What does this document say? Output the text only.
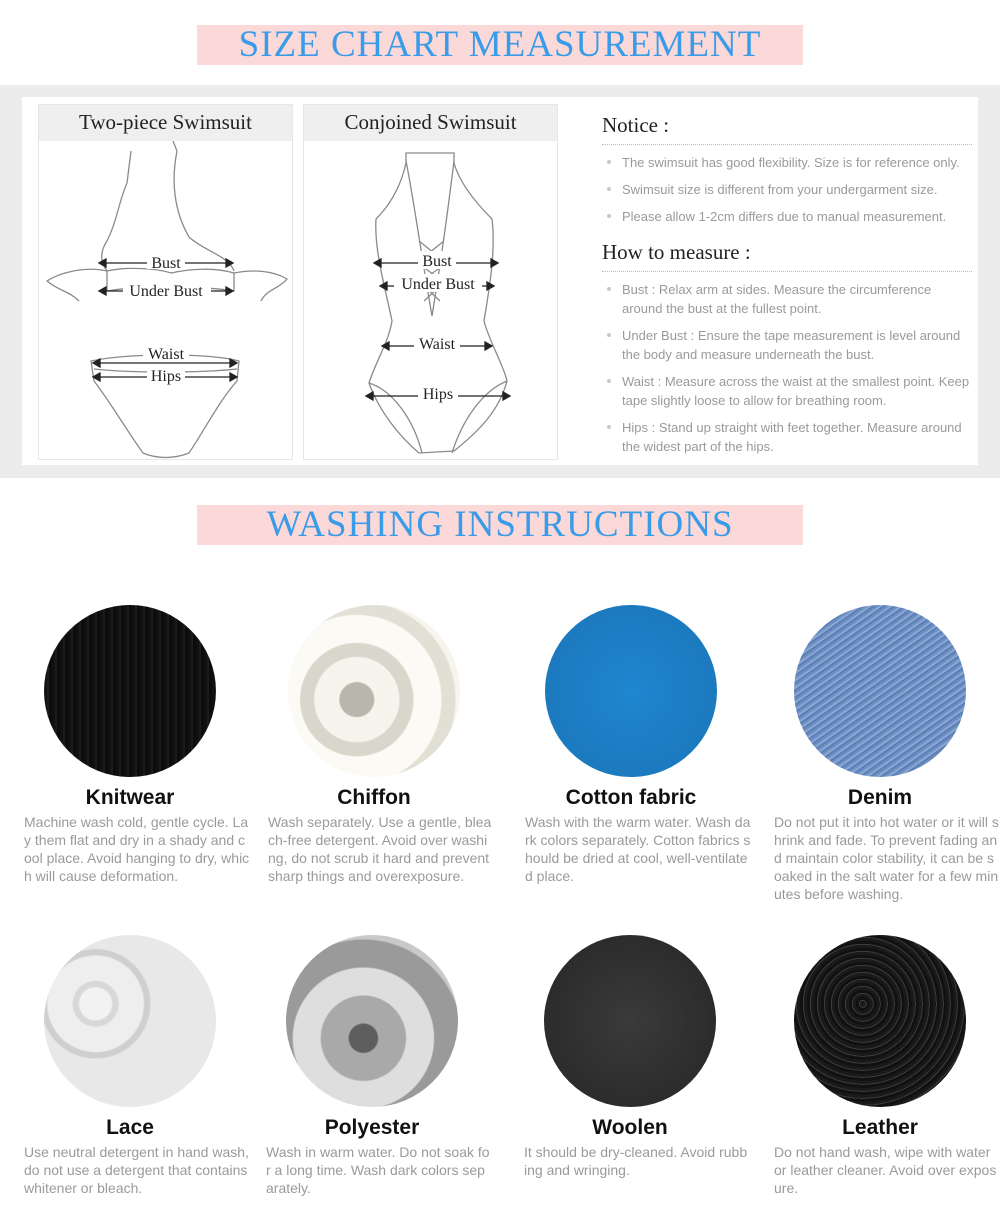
SIZE CHART MEASUREMENT
Two-piece Swimsuit
Bust
Under Bust
Waist
Hips
Conjoined Swimsuit
Bust
Under Bust
Waist
Hips
Notice :
The swimsuit has good flexibility. Size is for reference only.
Swimsuit size is different from your undergarment size.
Please allow 1-2cm differs due to manual measurement.
How to measure :
Bust : Relax arm at sides. Measure the circumference around the bust at the fullest point.
Under Bust : Ensure the tape measurement is level around the body and measure underneath the bust.
Waist : Measure across the waist at the smallest point. Keep tape slightly loose to allow for breathing room.
Hips : Stand up straight with feet together. Measure around the widest part of the hips.
WASHING INSTRUCTIONS
Knitwear
Machine wash cold, gentle cycle. Lay them flat and dry in a shady and cool place. Avoid hanging to dry, which will cause deformation.
Chiffon
Wash separately. Use a gentle, bleach-free detergent. Avoid over washing, do not scrub it hard and prevent sharp things and overexposure.
Cotton fabric
Wash with the warm water. Wash dark colors separately. Cotton fabrics should be dried at cool, well-ventilated place.
Denim
Do not put it into hot water or it will shrink and fade. To prevent fading and maintain color stability, it can be soaked in the salt water for a few minutes before washing.
Lace
Use neutral detergent in hand wash, do not use a detergent that contains whitener or bleach.
Polyester
Wash in warm water. Do not soak for a long time. Wash dark colors separately.
Woolen
It should be dry-cleaned. Avoid rubbing and wringing.
Leather
Do not hand wash, wipe with water or leather cleaner. Avoid over exposure.
